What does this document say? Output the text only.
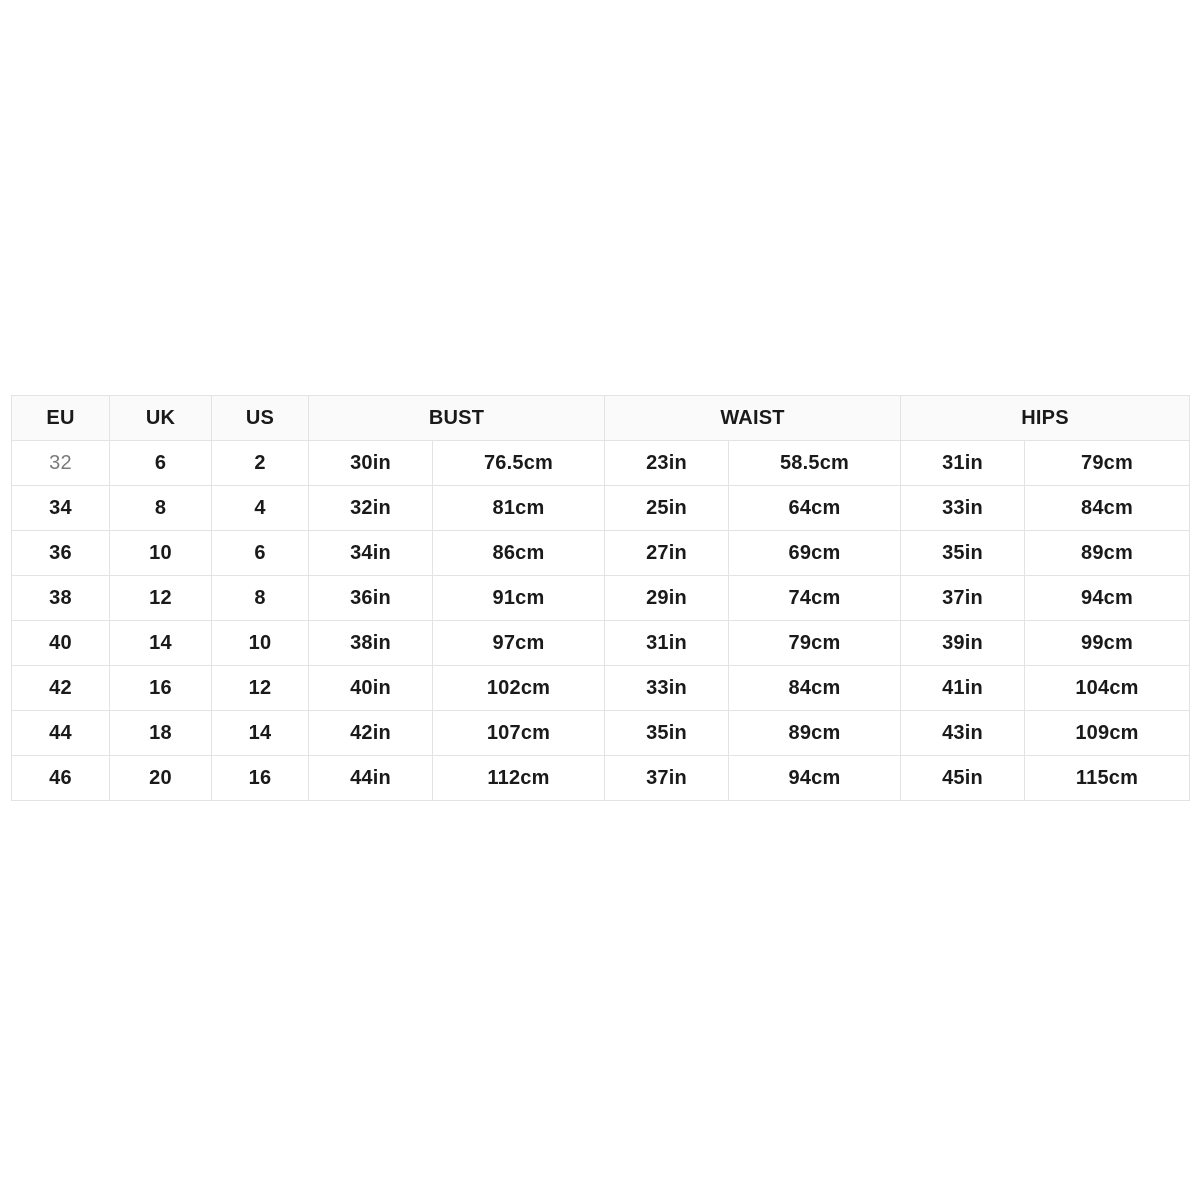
EU	UK	US	BUST		WAIST		HIPS	
32	6	2	30in	76.5cm	23in	58.5cm	31in	79cm
34	8	4	32in	81cm	25in	64cm	33in	84cm
36	10	6	34in	86cm	27in	69cm	35in	89cm
38	12	8	36in	91cm	29in	74cm	37in	94cm
40	14	10	38in	97cm	31in	79cm	39in	99cm
42	16	12	40in	102cm	33in	84cm	41in	104cm
44	18	14	42in	107cm	35in	89cm	43in	109cm
46	20	16	44in	112cm	37in	94cm	45in	115cm
